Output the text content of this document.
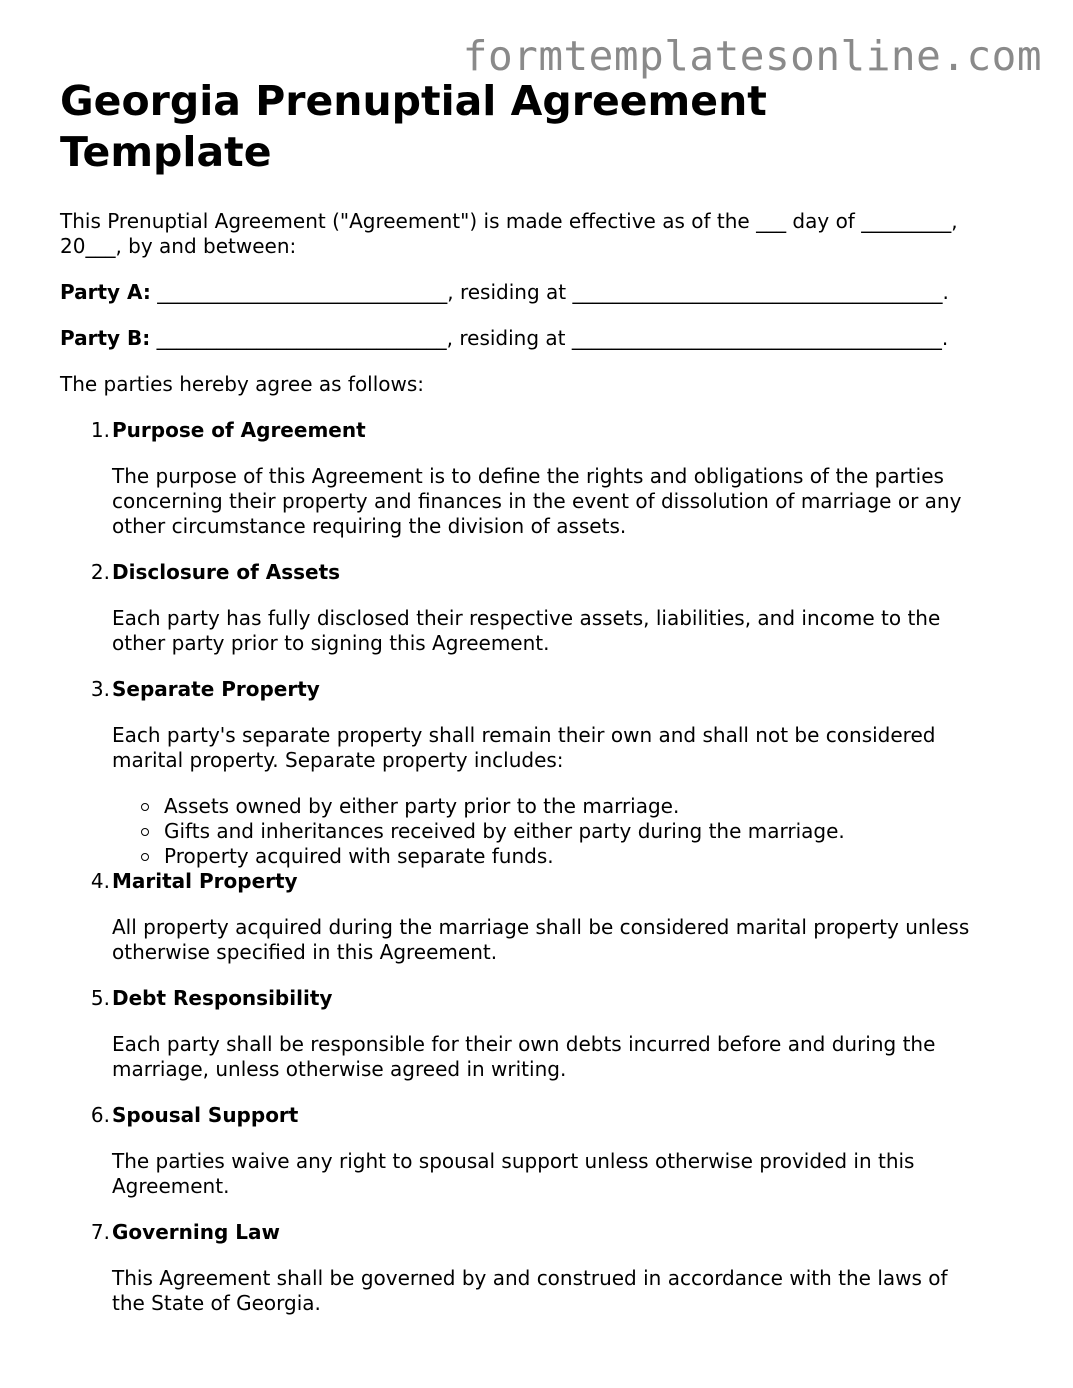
formtemplatesonline.com
Georgia Prenuptial Agreement
Template

This Prenuptial Agreement ("Agreement") is made effective as of the ___ day of _________,
20___, by and between:

Party A: _____________________________, residing at _____________________________________.

Party B: _____________________________, residing at _____________________________________.

The parties hereby agree as follows:

1. Purpose of Agreement
The purpose of this Agreement is to define the rights and obligations of the parties
concerning their property and finances in the event of dissolution of marriage or any
other circumstance requiring the division of assets.
2. Disclosure of Assets
Each party has fully disclosed their respective assets, liabilities, and income to the
other party prior to signing this Agreement.
3. Separate Property
Each party's separate property shall remain their own and shall not be considered
marital property. Separate property includes:
Assets owned by either party prior to the marriage.
Gifts and inheritances received by either party during the marriage.
Property acquired with separate funds.
4. Marital Property
All property acquired during the marriage shall be considered marital property unless
otherwise specified in this Agreement.
5. Debt Responsibility
Each party shall be responsible for their own debts incurred before and during the
marriage, unless otherwise agreed in writing.
6. Spousal Support
The parties waive any right to spousal support unless otherwise provided in this
Agreement.
7. Governing Law
This Agreement shall be governed by and construed in accordance with the laws of
the State of Georgia.
